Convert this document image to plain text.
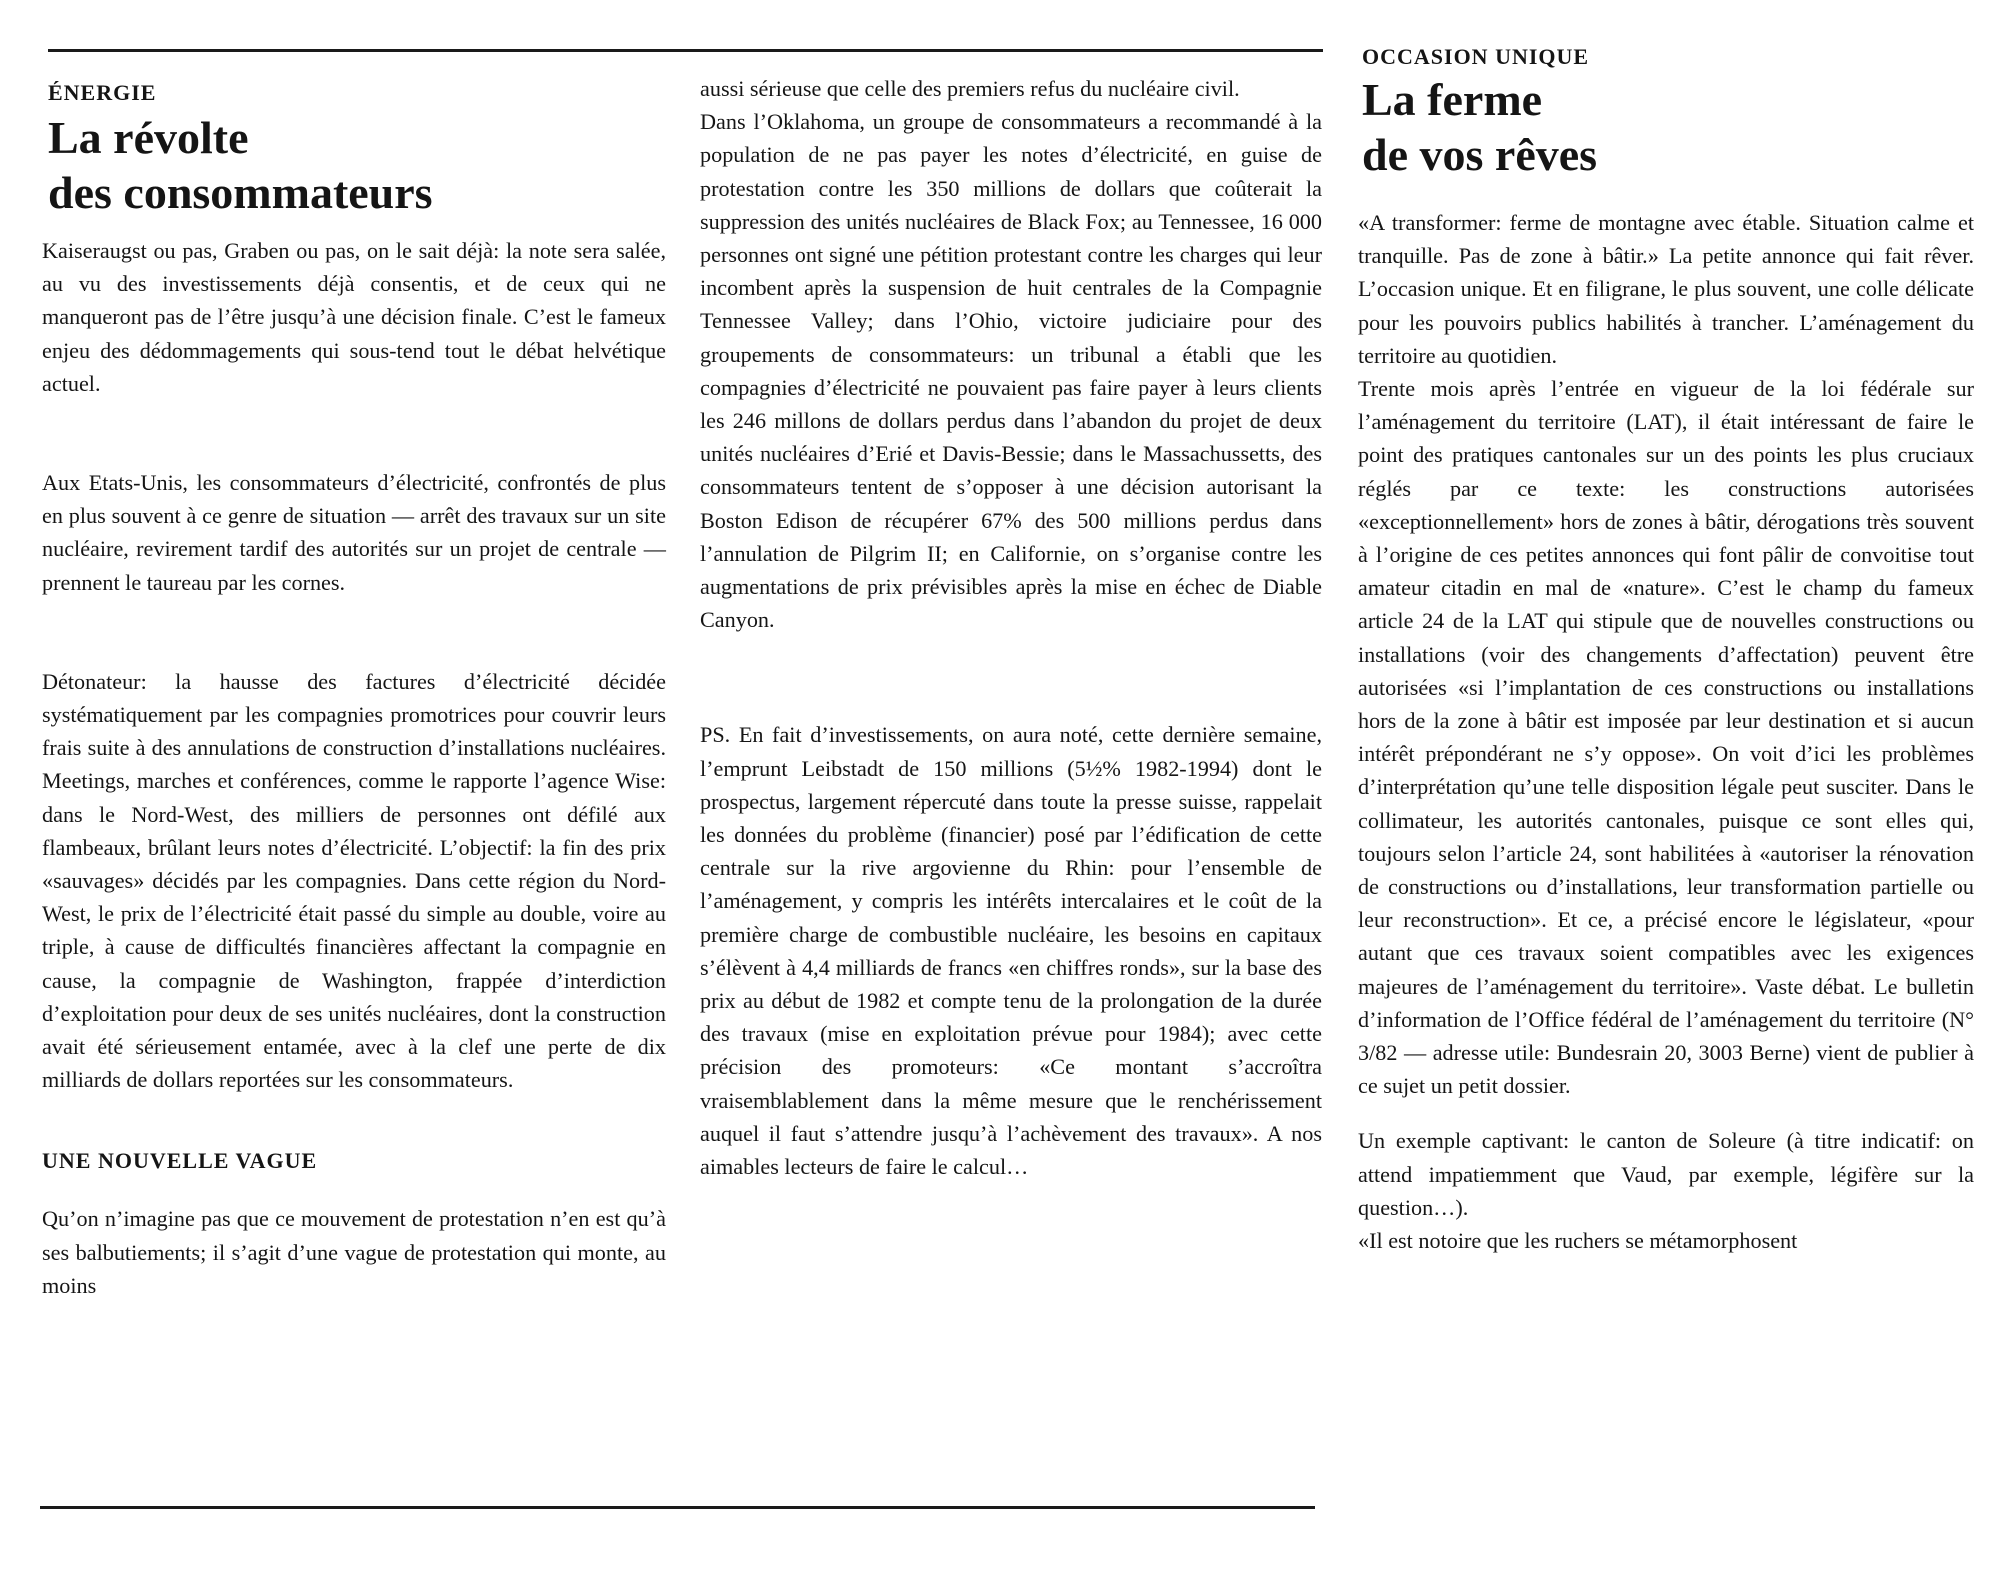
ÉNERGIE

La révolte
des consommateurs

Kaiseraugst ou pas, Graben ou pas, on le sait déjà: la note sera salée, au vu des investissements déjà consentis, et de ceux qui ne manqueront pas de l’être jusqu’à une décision finale. C’est le fameux enjeu des dédommagements qui sous-tend tout le débat helvétique actuel.

Aux Etats-Unis, les consommateurs d’électricité, confrontés de plus en plus souvent à ce genre de situation — arrêt des travaux sur un site nucléaire, revirement tardif des autorités sur un projet de centrale — prennent le taureau par les cornes.

Détonateur: la hausse des factures d’électricité décidée systématiquement par les compagnies promotrices pour couvrir leurs frais suite à des annulations de construction d’installations nucléaires. Meetings, marches et conférences, comme le rapporte l’agence Wise: dans le Nord-West, des milliers de personnes ont défilé aux flambeaux, brûlant leurs notes d’électricité. L’objectif: la fin des prix «sauvages» décidés par les compagnies. Dans cette région du Nord-West, le prix de l’électricité était passé du simple au double, voire au triple, à cause de difficultés financières affectant la compagnie en cause, la compagnie de Washington, frappée d’interdiction d’exploitation pour deux de ses unités nucléaires, dont la construction avait été sérieusement entamée, avec à la clef une perte de dix milliards de dollars reportées sur les consommateurs.

UNE NOUVELLE VAGUE

Qu’on n’imagine pas que ce mouvement de protestation n’en est qu’à ses balbutiements; il s’agit d’une vague de protestation qui monte, au moins

aussi sérieuse que celle des premiers refus du nucléaire civil.

Dans l’Oklahoma, un groupe de consommateurs a recommandé à la population de ne pas payer les notes d’électricité, en guise de protestation contre les 350 millions de dollars que coûterait la suppression des unités nucléaires de Black Fox; au Tennessee, 16 000 personnes ont signé une pétition protestant contre les charges qui leur incombent après la suspension de huit centrales de la Compagnie Tennessee Valley; dans l’Ohio, victoire judiciaire pour des groupements de consommateurs: un tribunal a établi que les compagnies d’électricité ne pouvaient pas faire payer à leurs clients les 246 millons de dollars perdus dans l’abandon du projet de deux unités nucléaires d’Erié et Davis-Bessie; dans le Massachussetts, des consommateurs tentent de s’opposer à une décision autorisant la Boston Edison de récupérer 67% des 500 millions perdus dans l’annulation de Pilgrim II; en Californie, on s’organise contre les augmentations de prix prévisibles après la mise en échec de Diable Canyon.

PS. En fait d’investissements, on aura noté, cette dernière semaine, l’emprunt Leibstadt de 150 millions (5½% 1982-1994) dont le prospectus, largement répercuté dans toute la presse suisse, rappelait les données du problème (financier) posé par l’édification de cette centrale sur la rive argovienne du Rhin: pour l’ensemble de l’aménagement, y compris les intérêts intercalaires et le coût de la première charge de combustible nucléaire, les besoins en capitaux s’élèvent à 4,4 milliards de francs «en chiffres ronds», sur la base des prix au début de 1982 et compte tenu de la prolongation de la durée des travaux (mise en exploitation prévue pour 1984); avec cette précision des promoteurs: «Ce montant s’accroîtra vraisemblablement dans la même mesure que le renchérissement auquel il faut s’attendre jusqu’à l’achèvement des travaux». A nos aimables lecteurs de faire le calcul…

OCCASION UNIQUE

La ferme
de vos rêves

«A transformer: ferme de montagne avec étable. Situation calme et tranquille. Pas de zone à bâtir.» La petite annonce qui fait rêver. L’occasion unique. Et en filigrane, le plus souvent, une colle délicate pour les pouvoirs publics habilités à trancher. L’aménagement du territoire au quotidien.

Trente mois après l’entrée en vigueur de la loi fédérale sur l’aménagement du territoire (LAT), il était intéressant de faire le point des pratiques cantonales sur un des points les plus cruciaux réglés par ce texte: les constructions autorisées «exceptionnellement» hors de zones à bâtir, dérogations très souvent à l’origine de ces petites annonces qui font pâlir de convoitise tout amateur citadin en mal de «nature». C’est le champ du fameux article 24 de la LAT qui stipule que de nouvelles constructions ou installations (voir des changements d’affectation) peuvent être autorisées «si l’implantation de ces constructions ou installations hors de la zone à bâtir est imposée par leur destination et si aucun intérêt prépondérant ne s’y oppose». On voit d’ici les problèmes d’interprétation qu’une telle disposition légale peut susciter. Dans le collimateur, les autorités cantonales, puisque ce sont elles qui, toujours selon l’article 24, sont habilitées à «autoriser la rénovation de constructions ou d’installations, leur transformation partielle ou leur reconstruction». Et ce, a précisé encore le législateur, «pour autant que ces travaux soient compatibles avec les exigences majeures de l’aménagement du territoire». Vaste débat. Le bulletin d’information de l’Office fédéral de l’aménagement du territoire (N° 3/82 — adresse utile: Bundesrain 20, 3003 Berne) vient de publier à ce sujet un petit dossier.

Un exemple captivant: le canton de Soleure (à titre indicatif: on attend impatiemment que Vaud, par exemple, légifère sur la question…).

«Il est notoire que les ruchers se métamorphosent
